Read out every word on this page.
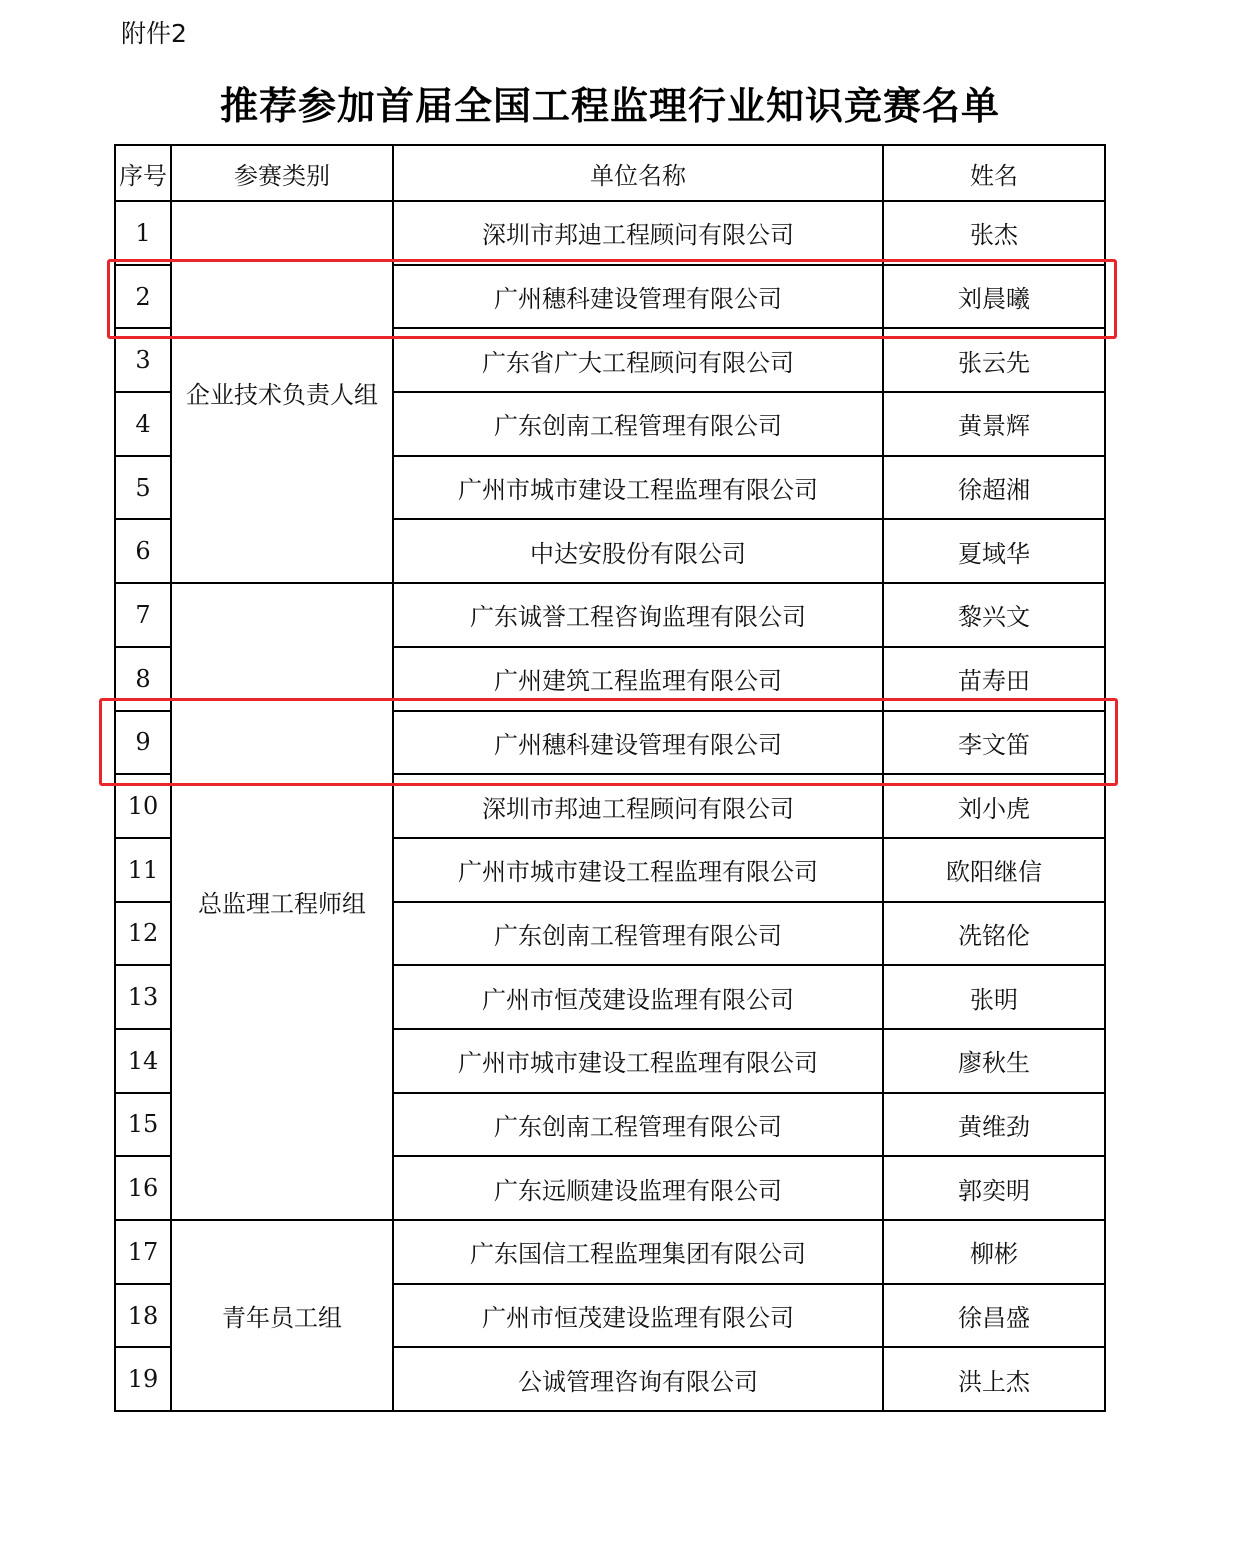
附件2
推荐参加首届全国工程监理行业知识竞赛名单
序号	参赛类别	单位名称	姓名
1	企业技术负责人组	深圳市邦迪工程顾问有限公司	张杰
2		广州穗科建设管理有限公司	刘晨曦
3		广东省广大工程顾问有限公司	张云先
4		广东创南工程管理有限公司	黄景辉
5		广州市城市建设工程监理有限公司	徐超湘
6		中达安股份有限公司	夏域华
7	总监理工程师组	广东诚誉工程咨询监理有限公司	黎兴文
8		广州建筑工程监理有限公司	苗寿田
9		广州穗科建设管理有限公司	李文笛
10		深圳市邦迪工程顾问有限公司	刘小虎
11		广州市城市建设工程监理有限公司	欧阳继信
12		广东创南工程管理有限公司	冼铭伦
13		广州市恒茂建设监理有限公司	张明
14		广州市城市建设工程监理有限公司	廖秋生
15		广东创南工程管理有限公司	黄维劲
16		广东远顺建设监理有限公司	郭奕明
17	青年员工组	广东国信工程监理集团有限公司	柳彬
18		广州市恒茂建设监理有限公司	徐昌盛
19		公诚管理咨询有限公司	洪上杰
